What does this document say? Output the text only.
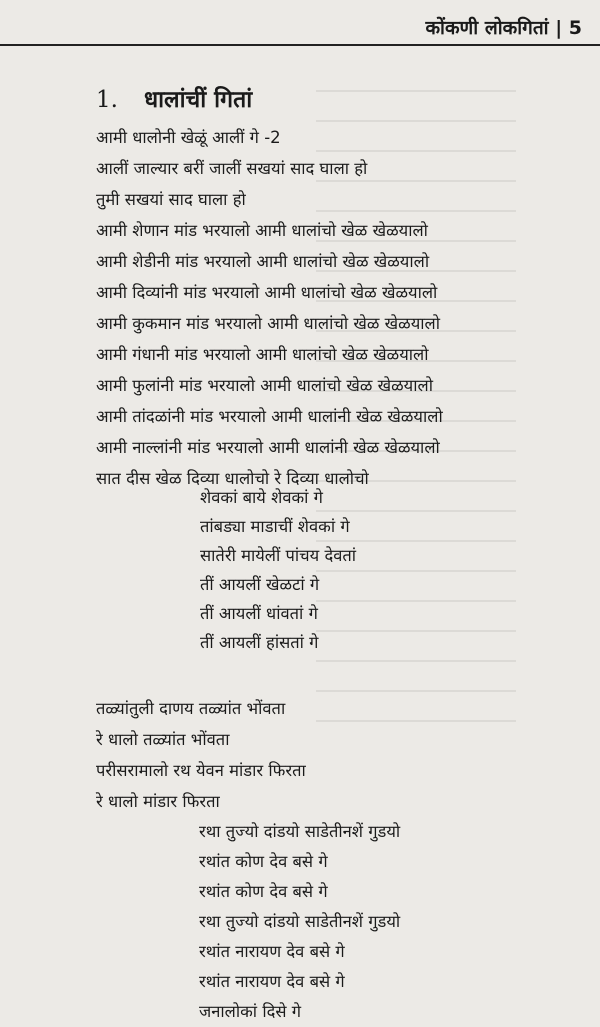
कोंकणी लोकगितां | 5
1. धालांचीं गितां
आमी धालोनी खेळूं आलीं गे -2
आलीं जाल्यार बरीं जालीं सखयां साद घाला हो
तुमी सखयां साद घाला हो
आमी शेणान मांड भरयालो आमी धालांचो खेळ खेळयालो
आमी शेडीनी मांड भरयालो आमी धालांचो खेळ खेळयालो
आमी दिव्यांनी मांड भरयालो आमी धालांचो खेळ खेळयालो
आमी कुकमान मांड भरयालो आमी धालांचो खेळ खेळयालो
आमी गंधानी मांड भरयालो आमी धालांचो खेळ खेळयालो
आमी फुलांनी मांड भरयालो आमी धालांचो खेळ खेळयालो
आमी तांदळांनी मांड भरयालो आमी धालांनी खेळ खेळयालो
आमी नाल्लांनी मांड भरयालो आमी धालांनी खेळ खेळयालो
सात दीस खेळ दिव्या धालोचो रे दिव्या धालोचो
शेवकां बाये शेवकां गे
तांबड्या माडाचीं शेवकां गे
सातेरी मायेलीं पांचय देवतां
तीं आयलीं खेळटां गे
तीं आयलीं धांवतां गे
तीं आयलीं हांसतां गे
तळ्यांतुली दाणय तळ्यांत भोंवता
रे धालो तळ्यांत भोंवता
परीसरामालो रथ येवन मांडार फिरता
रे धालो मांडार फिरता
रथा तुज्यो दांडयो साडेतीनशें गुडयो
रथांत कोण देव बसे गे
रथांत कोण देव बसे गे
रथा तुज्यो दांडयो साडेतीनशें गुडयो
रथांत नारायण देव बसे गे
रथांत नारायण देव बसे गे
जनालोकां दिसे गे
